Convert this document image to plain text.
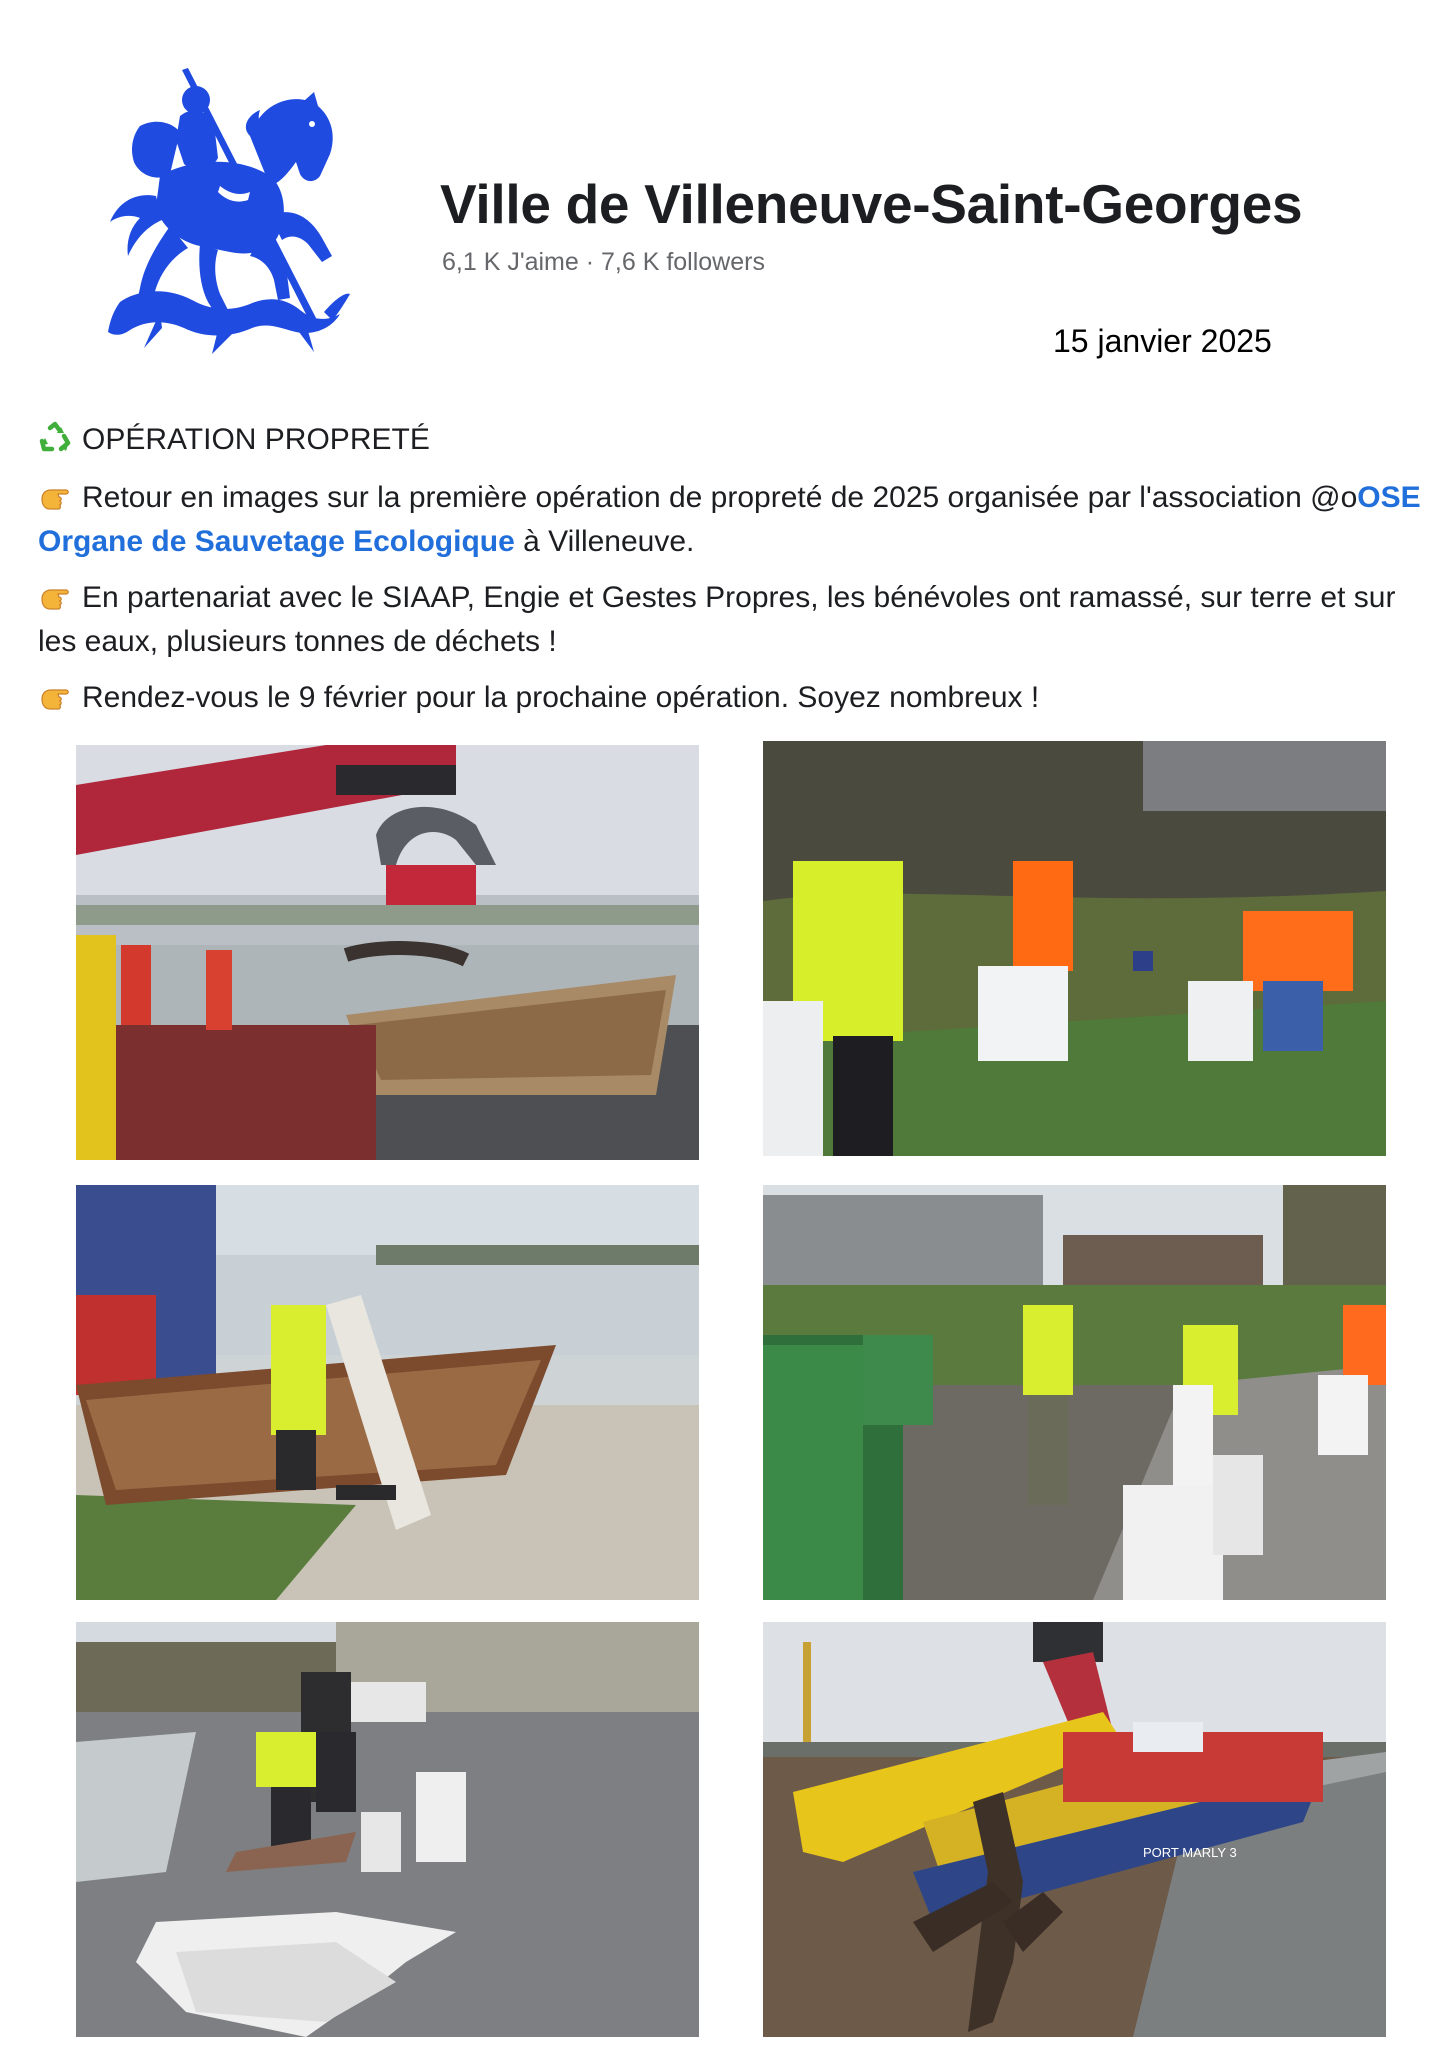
Ville de Villeneuve-Saint-Georges
6,1 K J'aime · 7,6 K followers
15 janvier 2025

OPÉRATION PROPRETÉ

Retour en images sur la première opération de propreté de 2025 organisée par l'association @oOSE Organe de Sauvetage Ecologique à Villeneuve.

En partenariat avec le SIAAP, Engie et Gestes Propres, les bénévoles ont ramassé, sur terre et sur les eaux, plusieurs tonnes de déchets !

Rendez-vous le 9 février pour la prochaine opération. Soyez nombreux !

PORT MARLY 3
